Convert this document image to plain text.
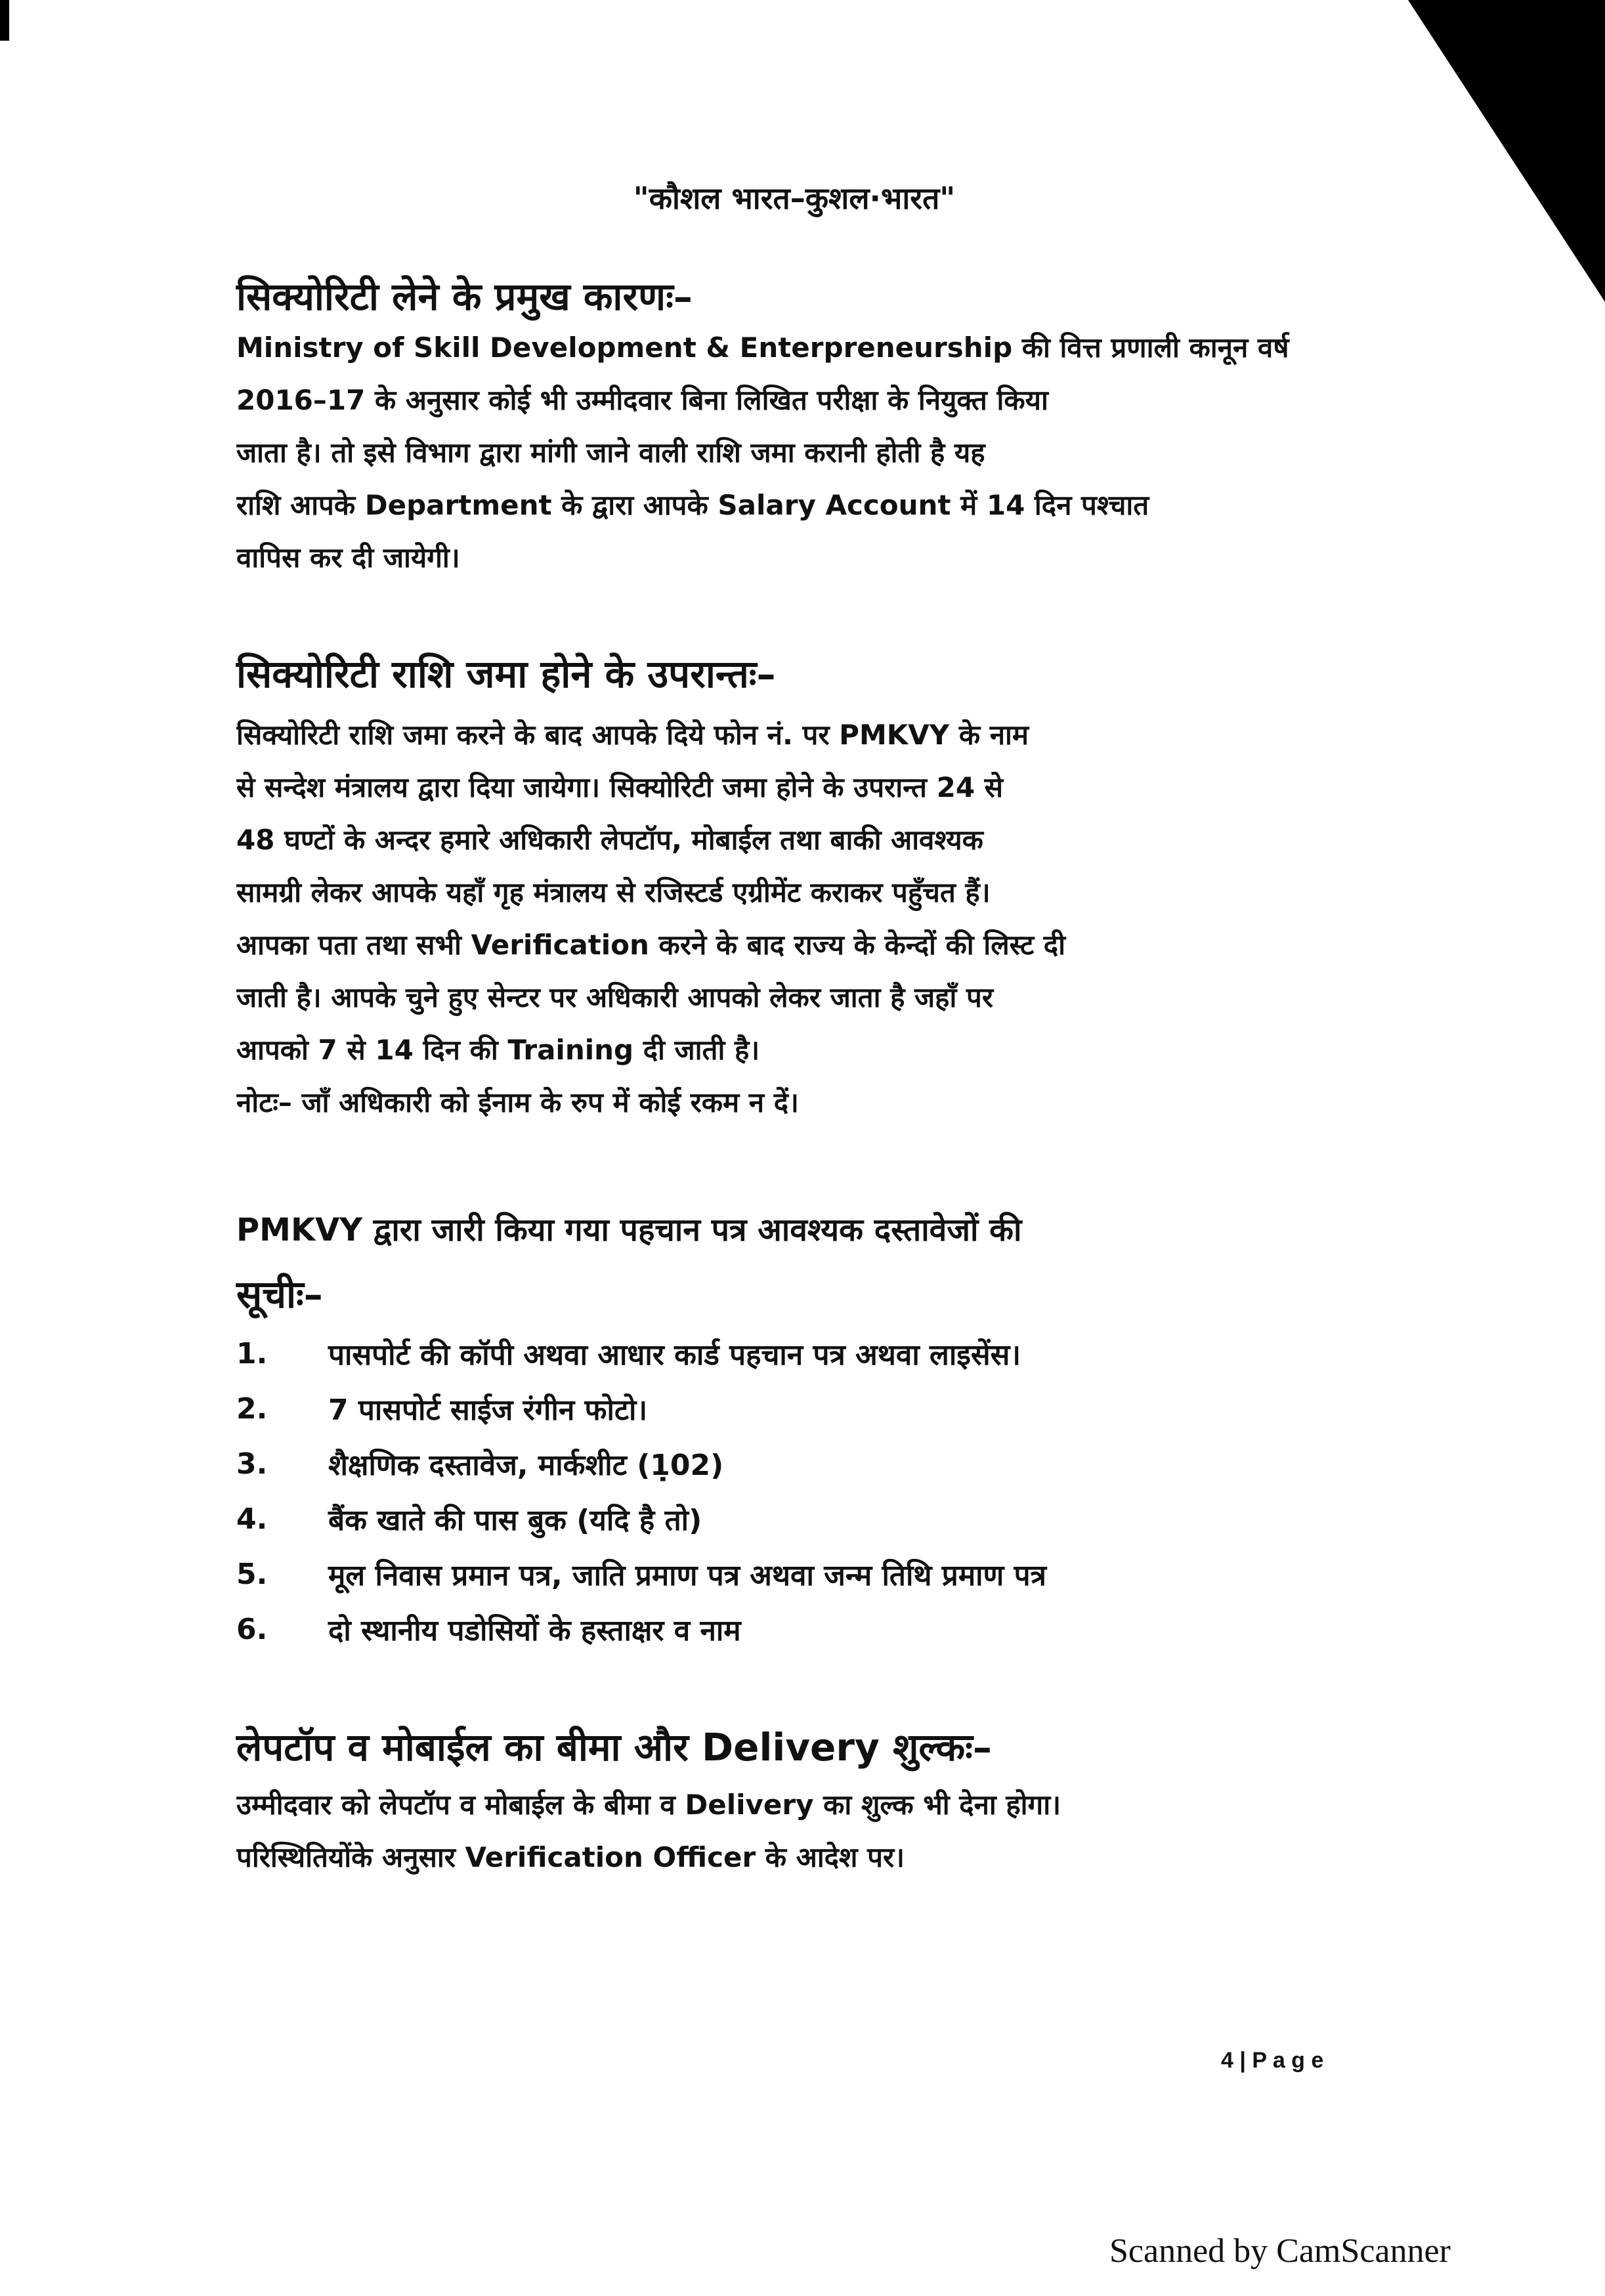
"कौशल भारत–कुशल·भारत"
सिक्योरिटी लेने के प्रमुख कारणः–
Ministry of Skill Development & Enterpreneurship की वित्त प्रणाली कानून वर्ष
2016–17 के अनुसार कोई भी उम्मीदवार बिना लिखित परीक्षा के नियुक्त किया
जाता है। तो इसे विभाग द्वारा मांगी जाने वाली राशि जमा करानी होती है यह
राशि आपके Department के द्वारा आपके Salary Account में 14 दिन पश्चात
वापिस कर दी जायेगी।
सिक्योरिटी राशि जमा होने के उपरान्तः–
सिक्योरिटी राशि जमा करने के बाद आपके दिये फोन नं. पर PMKVY के नाम
से सन्देश मंत्रालय द्वारा दिया जायेगा। सिक्योरिटी जमा होने के उपरान्त 24 से
48 घण्टों के अन्दर हमारे अधिकारी लेपटॉप, मोबाईल तथा बाकी आवश्यक
सामग्री लेकर आपके यहाँ गृह मंत्रालय से रजिस्टर्ड एग्रीमेंट कराकर पहुँचत हैं।
आपका पता तथा सभी Verification करने के बाद राज्य के केन्दों की लिस्ट दी
जाती है। आपके चुने हुए सेन्टर पर अधिकारी आपको लेकर जाता है जहाँ पर
आपको 7 से 14 दिन की Training दी जाती है।
नोटः– जाँ अधिकारी को ईनाम के रुप में कोई रकम न दें।
PMKVY द्वारा जारी किया गया पहचान पत्र आवश्यक दस्तावेजों की
सूचीः–
1.	पासपोर्ट की कॉपी अथवा आधार कार्ड पहचान पत्र अथवा लाइसेंस।
2.	7 पासपोर्ट साईज रंगीन फोटो।
3.	शैक्षणिक दस्तावेज, मार्कशीट (1̣02)
4.	बैंक खाते की पास बुक (यदि है तो)
5.	मूल निवास प्रमान पत्र, जाति प्रमाण पत्र अथवा जन्म तिथि प्रमाण पत्र
6.	दो स्थानीय पडोसियों के हस्ताक्षर व नाम
लेपटॉप व मोबाईल का बीमा और Delivery शुल्कः–
उम्मीदवार को लेपटॉप व मोबाईल के बीमा व Delivery का शुल्क भी देना होगा।
परिस्थितियोंके अनुसार Verification Officer के आदेश पर।
4 | P a g e
Scanned by CamScanner
